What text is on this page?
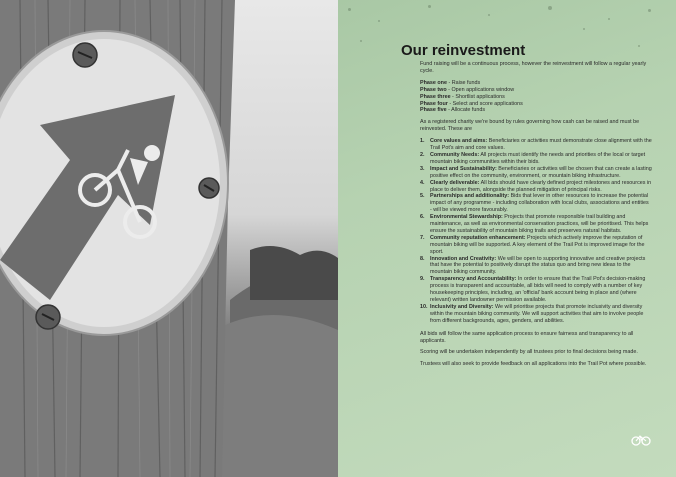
Our reinvestment

Fund raising will be a continuous process, however the reinvestment will follow a regular yearly cycle.

Phase one - Raise funds
Phase two - Open applications window
Phase three - Shortlist applications
Phase four - Select and score applications
Phase five - Allocate funds

As a registered charity we're bound by rules governing how cash can be raised and must be reinvested. These are

1. Core values and aims: Beneficiaries or activities must demonstrate close alignment with the Trail Pot's aim and core values.
2. Community Needs: All projects must identify the needs and priorities of the local or target mountain biking communities within their bids.
3. Impact and Sustainability: Beneficiaries or activities will be chosen that can create a lasting positive effect on the community, environment, or mountain biking infrastructure.
4. Clearly deliverable: All bids should have clearly defined project milestones and resources in place to deliver them, alongside the planned mitigation of principal risks.
5. Partnerships and additionality: Bids that lever in other resources to increase the potential impact of any programme - including collaboration with local clubs, associations and entities - will be viewed more favourably.
6. Environmental Stewardship: Projects that promote responsible trail building and maintenance, as well as environmental conservation practices, will be prioritised. This helps ensure the sustainability of mountain biking trails and preserves natural habitats.
7. Community reputation enhancement: Projects which actively improve the reputation of mountain biking will be supported. A key element of the Trail Pot is improved image for the sport.
8. Innovation and Creativity: We will be open to supporting innovative and creative projects that have the potential to positively disrupt the status quo and bring new ideas to the mountain biking community.
9. Transparency and Accountability: In order to ensure that the Trail Pot's decision-making process is transparent and accountable, all bids will need to comply with a number of key housekeeping principles, including, an 'official' bank account being in place and (where relevant) written landowner permission available.
10. Inclusivity and Diversity: We will prioritise projects that promote inclusivity and diversity within the mountain biking community. We will support activities that aim to involve people from different backgrounds, ages, genders, and abilities.

All bids will follow the same application process to ensure fairness and transparency to all applicants.

Scoring will be undertaken independently by all trustees prior to final decisions being made.

Trustees will also seek to provide feedback on all applications into the Trail Pot where possible.
